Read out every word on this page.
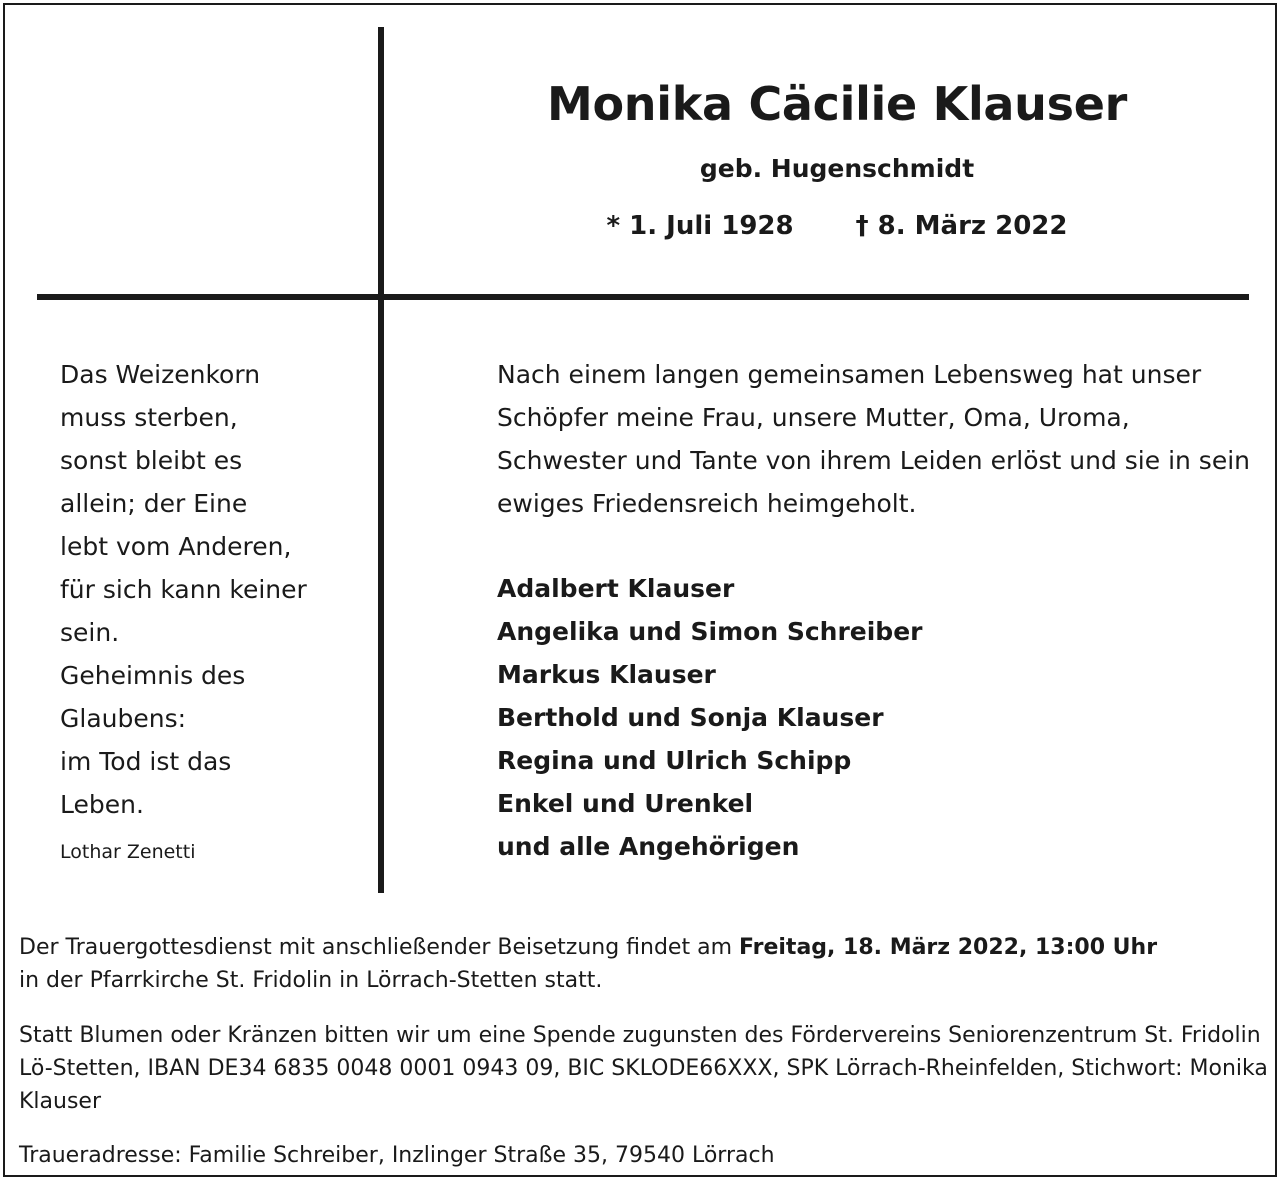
Monika Cäcilie Klauser
geb. Hugenschmidt
* 1. Juli 1928 † 8. März 2022
Das Weizenkorn
muss sterben,
sonst bleibt es
allein; der Eine
lebt vom Anderen,
für sich kann keiner
sein.
Geheimnis des
Glaubens:
im Tod ist das
Leben.
Lothar Zenetti
Nach einem langen gemeinsamen Lebensweg hat unser Schöpfer meine Frau, unsere Mutter, Oma, Uroma, Schwester und Tante von ihrem Leiden erlöst und sie in sein ewiges Friedensreich heimgeholt.
Adalbert Klauser
Angelika und Simon Schreiber
Markus Klauser
Berthold und Sonja Klauser
Regina und Ulrich Schipp
Enkel und Urenkel
und alle Angehörigen
Der Trauergottesdienst mit anschließender Beisetzung findet am Freitag, 18. März 2022, 13:00 Uhr
in der Pfarrkirche St. Fridolin in Lörrach-Stetten statt.
Statt Blumen oder Kränzen bitten wir um eine Spende zugunsten des Fördervereins Seniorenzentrum St. Fridolin Lö-Stetten, IBAN DE34 6835 0048 0001 0943 09, BIC SKLODE66XXX, SPK Lörrach-Rheinfelden, Stichwort: Monika Klauser
Traueradresse: Familie Schreiber, Inzlinger Straße 35, 79540 Lörrach
